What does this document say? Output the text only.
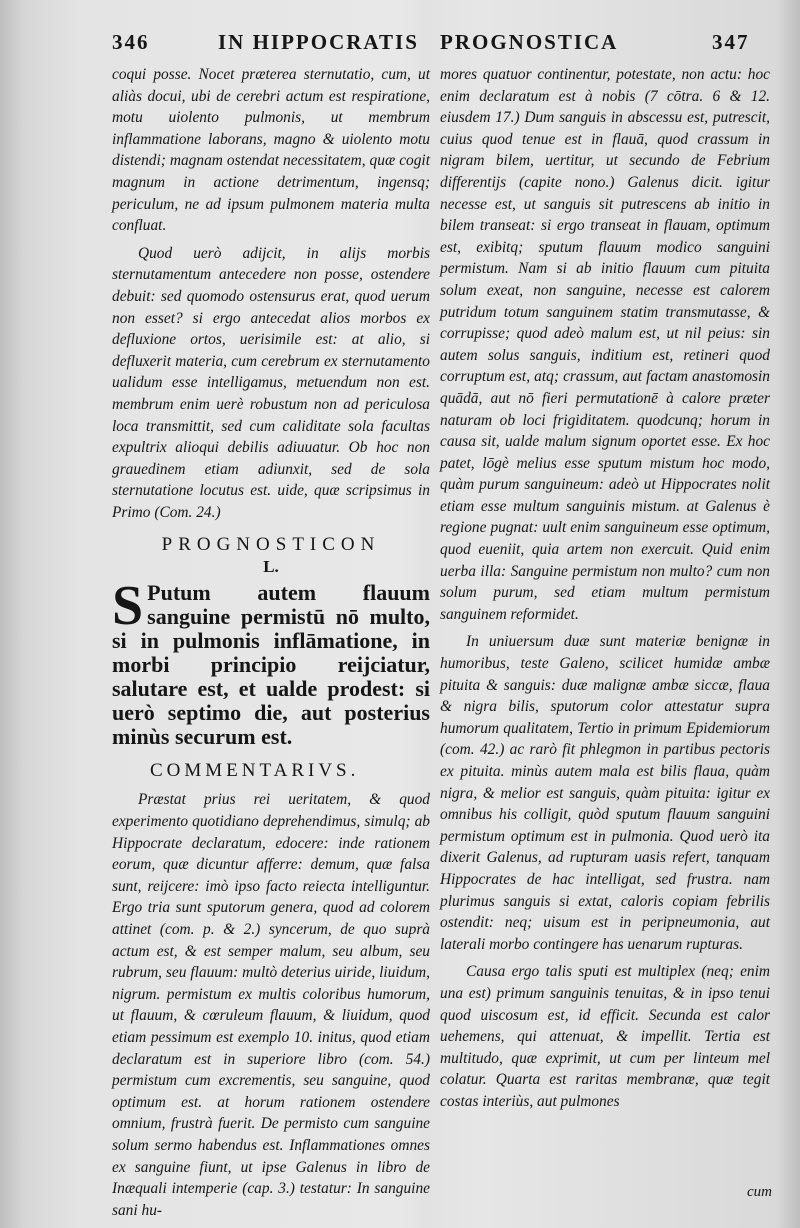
346	IN HIPPOCRATIS PROGNOSTICA	347

coqui posse. Nocet præterea sternutatio, cum, ut aliàs docui, ubi de cerebri actum est respiratione, motu uiolento pulmonis, ut membrum inflammatione laborans, magno & uiolento motu distendi; magnam ostendat necessitatem, quæ cogit magnum in actione detrimentum, ingensq; periculum, ne ad ipsum pulmonem materia multa confluat.

Quod uerò adijcit, in alijs morbis sternutamentum antecedere non posse, ostendere debuit: sed quomodo ostensurus erat, quod uerum non esset? si ergo antecedat alios morbos ex defluxione ortos, uerisimile est: at alio, si defluxerit materia, cum cerebrum ex sternutamento ualidum esse intelligamus, metuendum non est. membrum enim uerè robustum non ad periculosa loca transmittit, sed cum caliditate sola facultas expultrix alioqui debilis adiuuatur. Ob hoc non grauedinem etiam adiunxit, sed de sola sternutatione locutus est. uide, quæ scripsimus in Primo (Com. 24.)

PROGNOSTICON
L.
S Putum autem flauum sanguine permistū nō multo, si in pulmonis inflāmatione, in morbi principio reijciatur, salutare est, et ualde prodest: si uerò septimo die, aut posterius minùs securum est.
COMMENTARIVS.

Præstat prius rei ueritatem, & quod experimento quotidiano deprehendimus, simulq; ab Hippocrate declaratum, edocere: inde rationem eorum, quæ dicuntur afferre: demum, quæ falsa sunt, reijcere: imò ipso facto reiecta intelliguntur. Ergo tria sunt sputorum genera, quod ad colorem attinet (com. p. & 2.) syncerum, de quo suprà actum est, & est semper malum, seu album, seu rubrum, seu flauum: multò deterius uiride, liuidum, nigrum. permistum ex multis coloribus humorum, ut flauum, & cœruleum flauum, & liuidum, quod etiam pessimum est exemplo 10. initus, quod etiam declaratum est in superiore libro (com. 54.) permistum cum excrementis, seu sanguine, quod optimum est. at horum rationem ostendere omnium, frustrà fuerit. De permisto cum sanguine solum sermo habendus est. Inflammationes omnes ex sanguine fiunt, ut ipse Galenus in libro de Inæquali intemperie (cap. 3.) testatur: In sanguine sani hu-

mores quatuor continentur, potestate, non actu: hoc enim declaratum est à nobis (7 cōtra. 6 & 12. eiusdem 17.) Dum sanguis in abscessu est, putrescit, cuius quod tenue est in flauā, quod crassum in nigram bilem, uertitur, ut secundo de Febrium differentijs (capite nono.) Galenus dicit. igitur necesse est, ut sanguis sit putrescens ab initio in bilem transeat: si ergo transeat in flauam, optimum est, exibitq; sputum flauum modico sanguini permistum. Nam si ab initio flauum cum pituita solum exeat, non sanguine, necesse est calorem putridum totum sanguinem statim transmutasse, & corrupisse; quod adeò malum est, ut nil peius: sin autem solus sanguis, inditium est, retineri quod corruptum est, atq; crassum, aut factam anastomosin quādā, aut nō fieri permutationē à calore præter naturam ob loci frigiditatem. quodcunq; horum in causa sit, ualde malum signum oportet esse. Ex hoc patet, lōgè melius esse sputum mistum hoc modo, quàm purum sanguineum: adeò ut Hippocrates nolit etiam esse multum sanguinis mistum. at Galenus è regione pugnat: uult enim sanguineum esse optimum, quod eueniit, quia artem non exercuit. Quid enim uerba illa: Sanguine permistum non multo? cum non solum purum, sed etiam multum permistum sanguinem reformidet.

In uniuersum duæ sunt materiæ benignæ in humoribus, teste Galeno, scilicet humidæ ambæ pituita & sanguis: duæ malignæ ambæ siccæ, flaua & nigra bilis, sputorum color attestatur supra humorum qualitatem, Tertio in primum Epidemiorum (com. 42.) ac rarò fit phlegmon in partibus pectoris ex pituita. minùs autem mala est bilis flaua, quàm nigra, & melior est sanguis, quàm pituita: igitur ex omnibus his colligit, quòd sputum flauum sanguini permistum optimum est in pulmonia. Quod uerò ita dixerit Galenus, ad rupturam uasis refert, tanquam Hippocrates de hac intelligat, sed frustra. nam plurimus sanguis si extat, caloris copiam febrilis ostendit: neq; uisum est in peripneumonia, aut laterali morbo contingere has uenarum rupturas.

Causa ergo talis sputi est multiplex (neq; enim una est) primum sanguinis tenuitas, & in ipso tenui quod uiscosum est, id efficit. Secunda est calor uehemens, qui attenuat, & impellit. Tertia est multitudo, quæ exprimit, ut cum per linteum mel colatur. Quarta est raritas membranæ, quæ tegit costas interiùs, aut pulmones

cum
